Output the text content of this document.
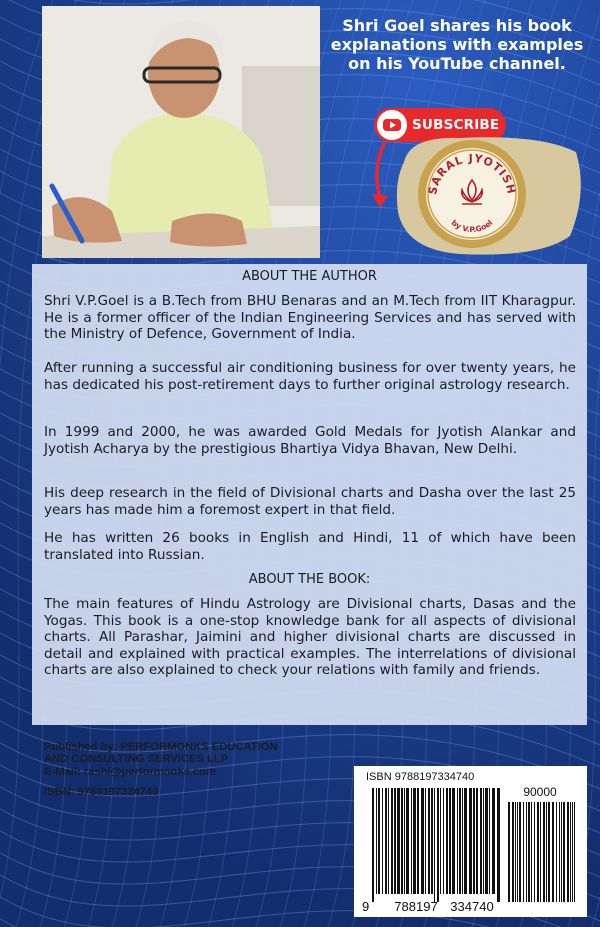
Shri Goel shares his book explanations with examples on his YouTube channel.
SUBSCRIBE
SARAL JYOTISH
by V.P.Goel

ABOUT THE AUTHOR

Shri V.P.Goel is a B.Tech from BHU Benaras and an M.Tech from IIT Kharagpur. He is a former officer of the Indian Engineering Services and has served with the Ministry of Defence, Government of India.

After running a successful air conditioning business for over twenty years, he has dedicated his post-retirement days to further original astrology research.

In 1999 and 2000, he was awarded Gold Medals for Jyotish Alankar and Jyotish Acharya by the prestigious Bhartiya Vidya Bhavan, New Delhi.

His deep research in the field of Divisional charts and Dasha over the last 25 years has made him a foremost expert in that field.

He has written 26 books in English and Hindi, 11 of which have been translated into Russian.

ABOUT THE BOOK:

The main features of Hindu Astrology are Divisional charts, Dasas and the Yogas. This book is a one-stop knowledge bank for all aspects of divisional charts. All Parashar, Jaimini and higher divisional charts are discussed in detail and explained with practical examples. The interrelations of divisional charts are also explained to check your relations with family and friends.

Published by: PERFORMONKS EDUCATION

AND CONSULTING SERVICES LLP

E-Mail: rashi@performonks.com

ISBN: 9788197334740

ISBN 9788197334740
90000
9 788197 334740
